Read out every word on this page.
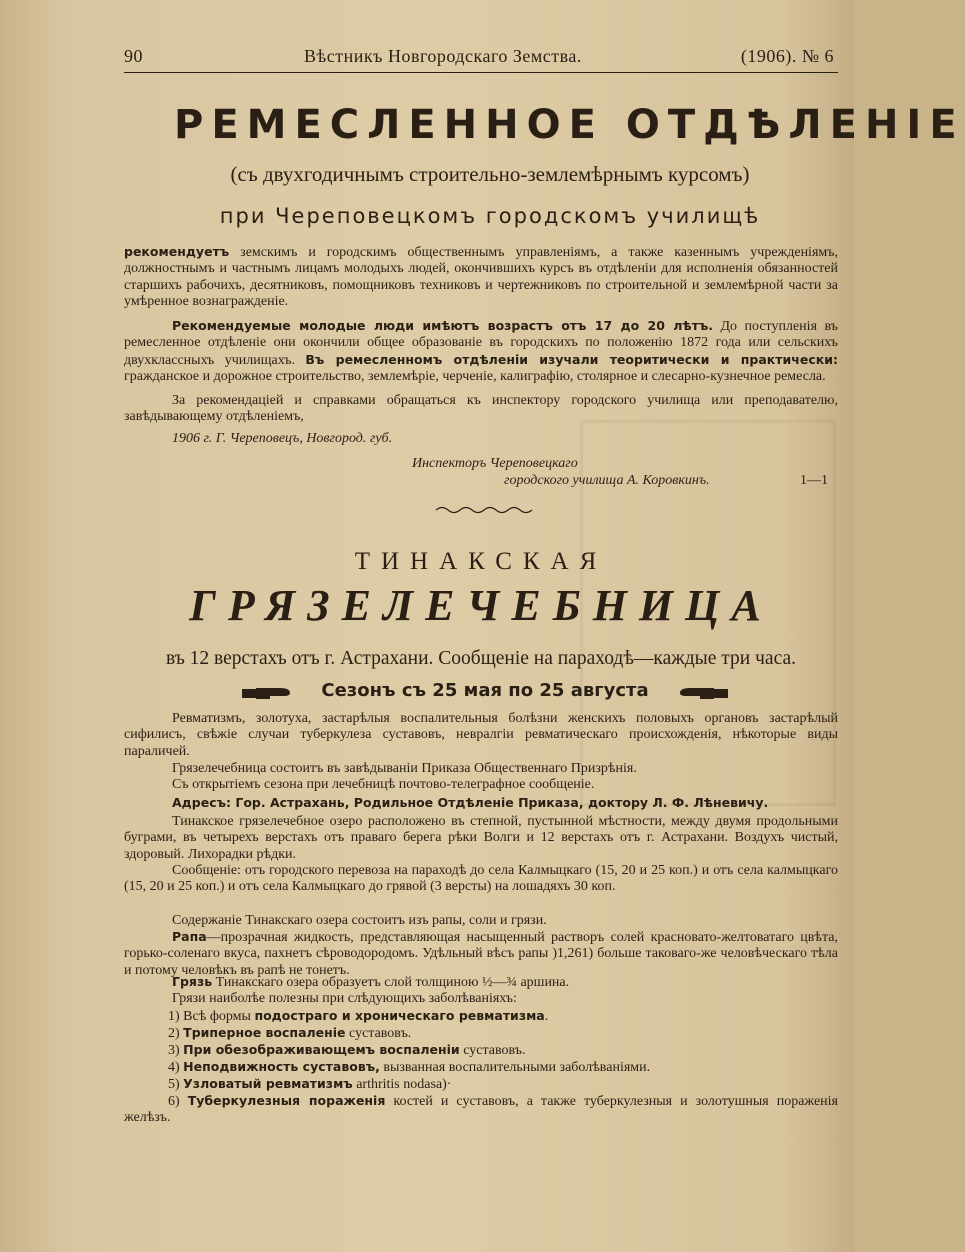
90	Вѣстникъ Новгородскаго Земства.	(1906). № 6
РЕМЕСЛЕННОЕ ОТДѢЛЕНІЕ
(съ двухгодичнымъ строительно-землемѣрнымъ курсомъ)
при Череповецкомъ городскомъ училищѣ

рекомендуетъ земскимъ и городскимъ общественнымъ управленіямъ, а также казеннымъ учрежденіямъ, должностнымъ и частнымъ лицамъ молодыхъ людей, окончившихъ курсъ въ отдѣленіи для исполненія обязанностей старшихъ рабочихъ, десятниковъ, помощниковъ техниковъ и чертежниковъ по строительной и землемѣрной части за умѣренное вознагражденіе.

Рекомендуемые молодые люди имѣютъ возрастъ отъ 17 до 20 лѣтъ. До поступленія въ ремесленное отдѣленіе они окончили общее образованіе въ городскихъ по положенію 1872 года или сельскихъ двухклассныхъ училищахъ. Въ ремесленномъ отдѣленіи изучали теоритически и практически: гражданское и дорожное строительство, землемѣріе, черченіе, калиграфію, столярное и слесарно-кузнечное ремесла.

За рекомендаціей и справками обращаться къ инспектору городского училища или преподавателю, завѣдывающему отдѣленіемъ,

1906 г. Г. Череповецъ, Новгород. губ.

Инспекторъ Череповецкаго
городского училища А. Коровкинъ.	1—1
ТИНАКСКАЯ
ГРЯЗЕЛЕЧЕБНИЦА
въ 12 верстахъ отъ г. Астрахани. Сообщеніе на параходѣ—каждые три часа.
Сезонъ съ 25 мая по 25 августа

Ревматизмъ, золотуха, застарѣлыя воспалительныя болѣзни женскихъ половыхъ органовъ застарѣлый сифилисъ, свѣжіе случаи туберкулеза суставовъ, невралгіи ревматическаго происхожденія, нѣкоторые виды параличей.

Грязелечебница состоитъ въ завѣдываніи Приказа Общественнаго Призрѣнія.

Съ открытіемъ сезона при лечебницѣ почтово-телеграфное сообщеніе.

Адресъ: Гор. Астрахань, Родильное Отдѣленіе Приказа, доктору Л. Ф. Лѣневичу.

Тинакское грязелечебное озеро расположено въ степной, пустынной мѣстности, между двумя продольными буграми, въ четырехъ верстахъ отъ праваго берега рѣки Волги и 12 верстахъ отъ г. Астрахани. Воздухъ чистый, здоровый. Лихорадки рѣдки.

Сообщеніе: отъ городского перевоза на параходѣ до села Калмыцкаго (15, 20 и 25 коп.) и отъ села калмыцкаго (15, 20 и 25 коп.) и отъ села Калмыцкаго до грявой (3 версты) на лошадяхъ 30 коп.

Содержаніе Тинакскаго озера состоитъ изъ рапы, соли и грязи.

Рапа—прозрачная жидкость, представляющая насыщенный растворъ солей красновато-желтоватаго цвѣта, горько-соленаго вкуса, пахнетъ сѣроводородомъ. Удѣльный вѣсъ рапы )1,261) больше таковаго-же человѣческаго тѣла и потому человѣкъ въ рапѣ не тонетъ.

Грязь Тинакскаго озера образуетъ слой толщиною ½—¾ аршина.

Грязи наиболѣе полезны при слѣдующихъ заболѣваніяхъ:

1) Всѣ формы подостраго и хроническаго ревматизма.
2) Триперное воспаленіе суставовъ.
3) При обезображивающемъ воспаленіи суставовъ.
4) Неподвижность суставовъ, вызванная воспалительными заболѣваніями.
5) Узловатый ревматизмъ arthritis nodasa)·

6) Туберкулезныя пораженія костей и суставовъ, а также туберкулезныя и золотушныя пораженія желѣзъ.
